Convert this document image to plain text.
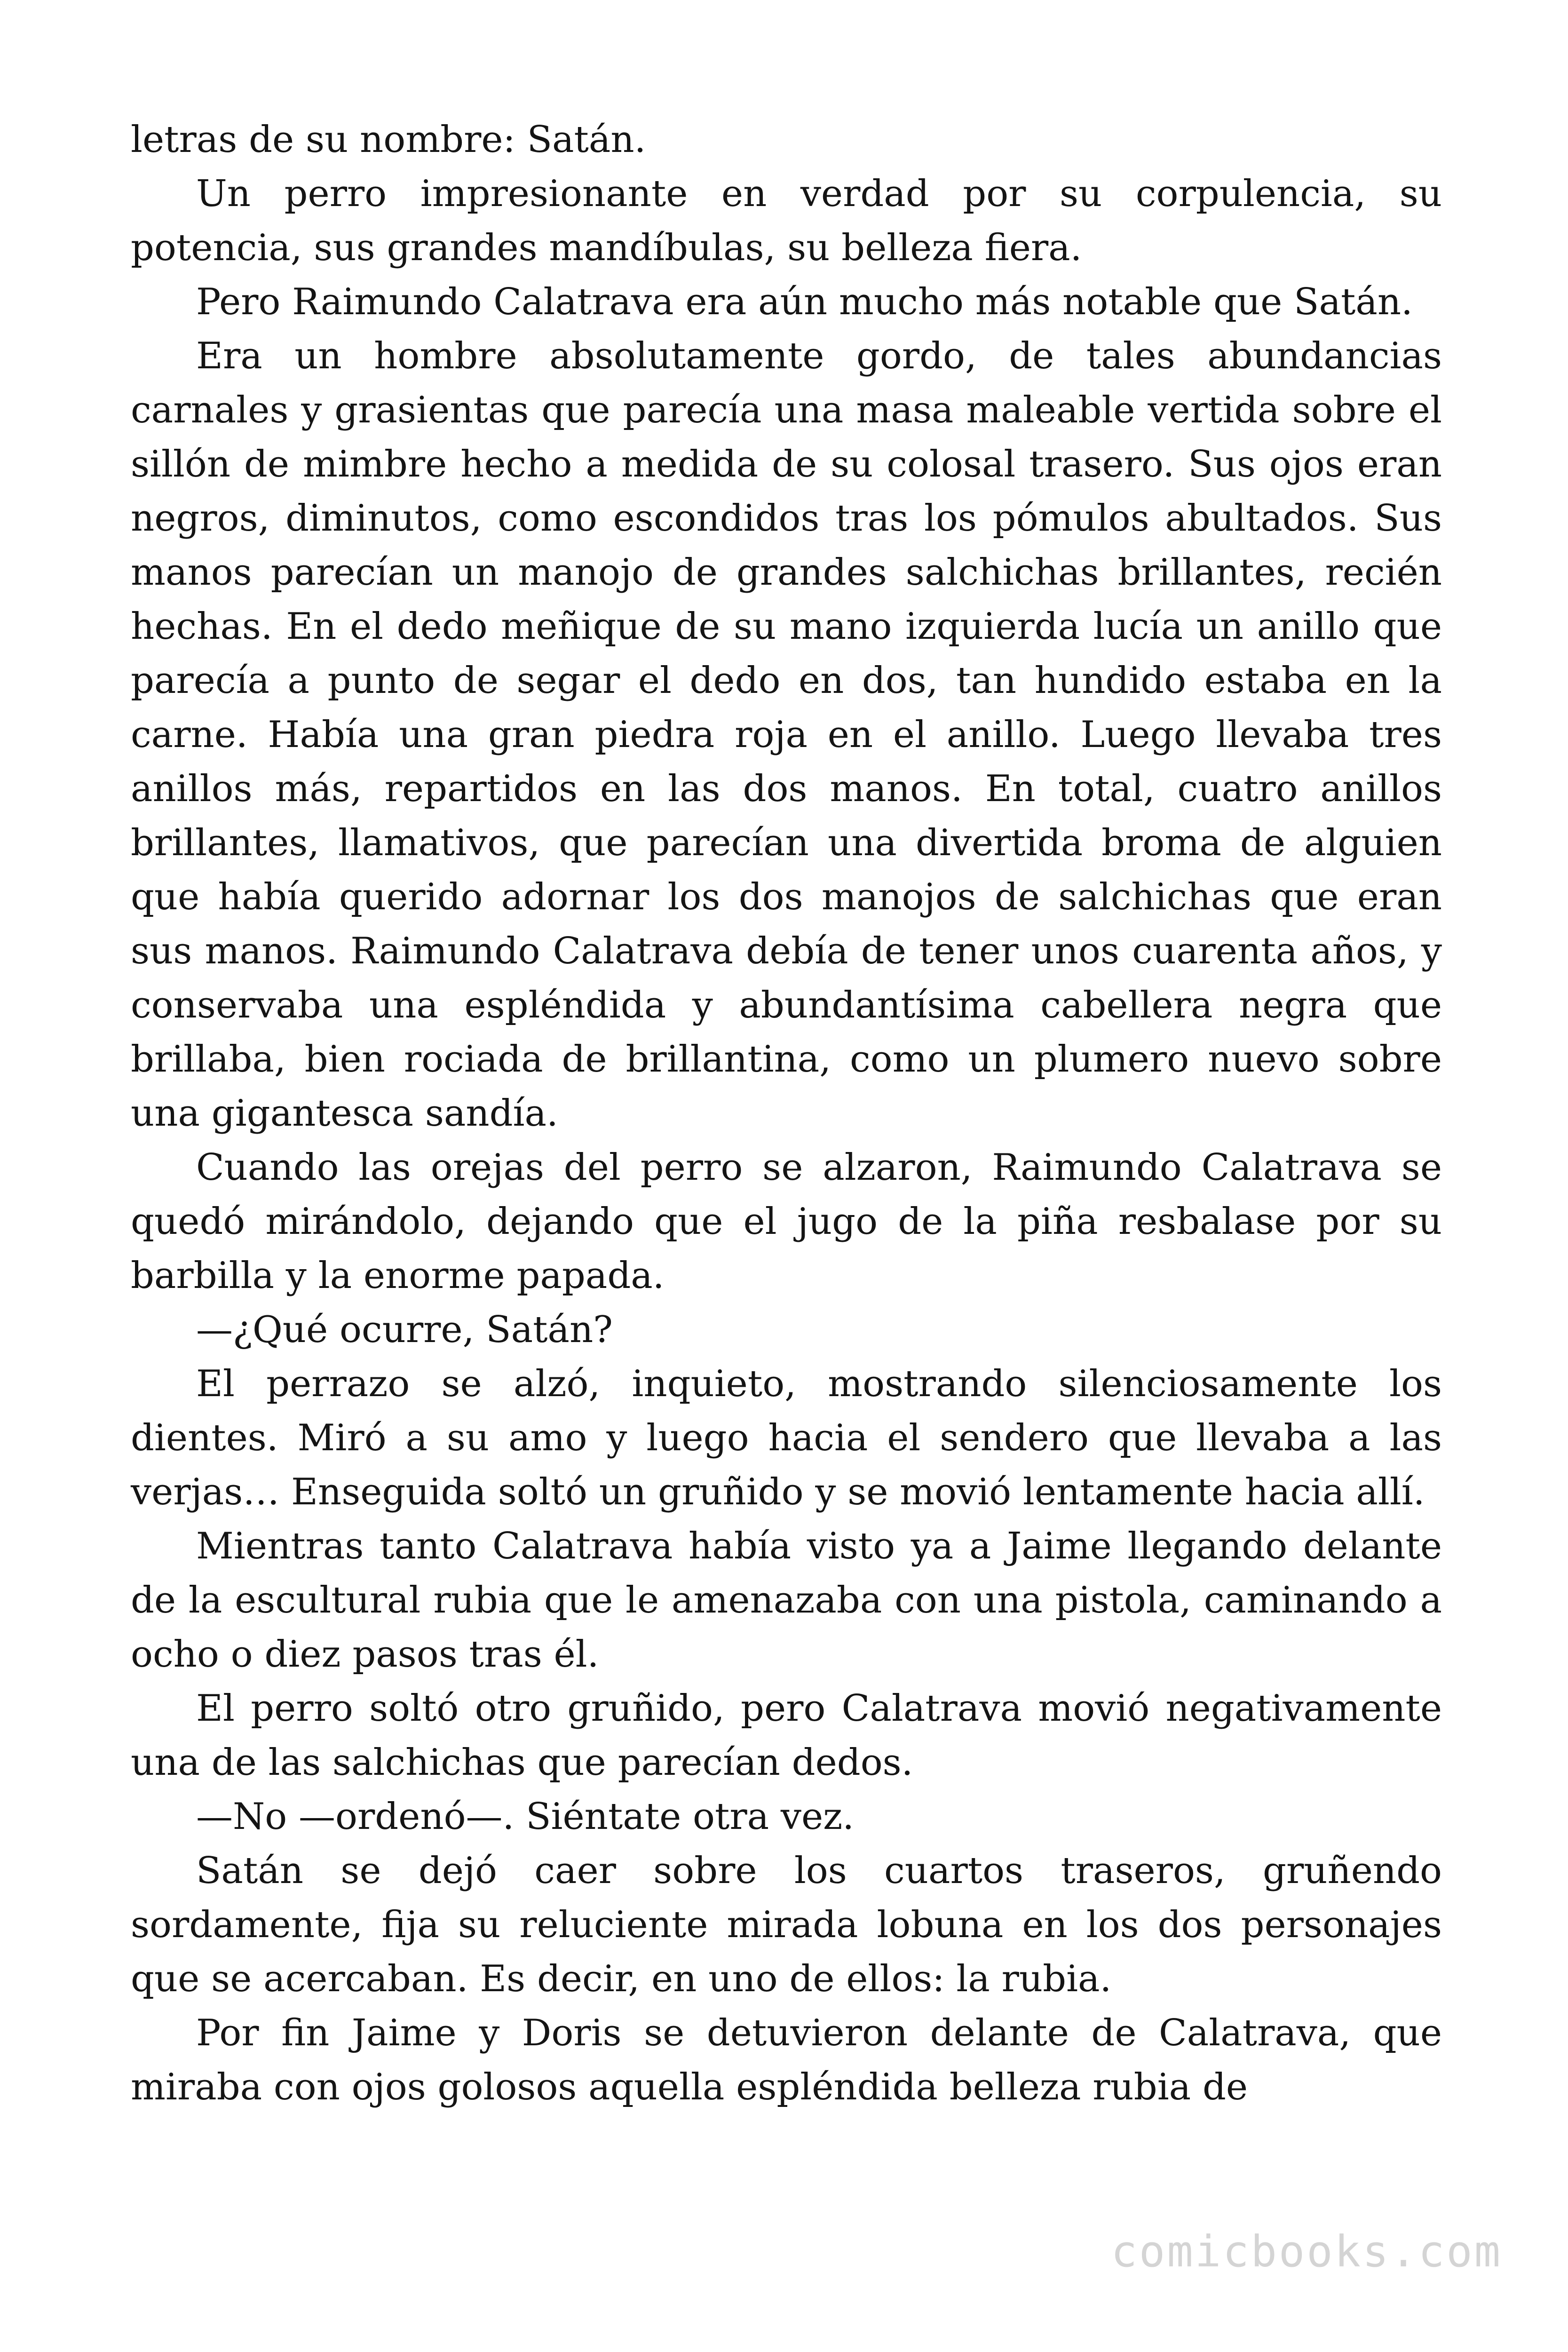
letras de su nombre: Satán.

Un perro impresionante en verdad por su corpulencia, su potencia, sus grandes mandíbulas, su belleza fiera.

Pero Raimundo Calatrava era aún mucho más notable que Satán.

Era un hombre absolutamente gordo, de tales abundancias carnales y grasientas que parecía una masa maleable vertida sobre el sillón de mimbre hecho a medida de su colosal trasero. Sus ojos eran negros, diminutos, como escondidos tras los pómulos abultados. Sus manos parecían un manojo de grandes salchichas brillantes, recién hechas. En el dedo meñique de su mano izquierda lucía un anillo que parecía a punto de segar el dedo en dos, tan hundido estaba en la carne. Había una gran piedra roja en el anillo. Luego llevaba tres anillos más, repartidos en las dos manos. En total, cuatro anillos brillantes, llamativos, que parecían una divertida broma de alguien que había querido adornar los dos manojos de salchichas que eran sus manos. Raimundo Calatrava debía de tener unos cuarenta años, y conservaba una espléndida y abundantísima cabellera negra que brillaba, bien rociada de brillantina, como un plumero nuevo sobre una gigantesca sandía.

Cuando las orejas del perro se alzaron, Raimundo Calatrava se quedó mirándolo, dejando que el jugo de la piña resbalase por su barbilla y la enorme papada.

—¿Qué ocurre, Satán?

El perrazo se alzó, inquieto, mostrando silenciosamente los dientes. Miró a su amo y luego hacia el sendero que llevaba a las verjas… Enseguida soltó un gruñido y se movió lentamente hacia allí.

Mientras tanto Calatrava había visto ya a Jaime llegando delante de la escultural rubia que le amenazaba con una pistola, caminando a ocho o diez pasos tras él.

El perro soltó otro gruñido, pero Calatrava movió negativamente una de las salchichas que parecían dedos.

—No —ordenó—. Siéntate otra vez.

Satán se dejó caer sobre los cuartos traseros, gruñendo sordamente, fija su reluciente mirada lobuna en los dos personajes que se acercaban. Es decir, en uno de ellos: la rubia.

Por fin Jaime y Doris se detuvieron delante de Calatrava, que miraba con ojos golosos aquella espléndida belleza rubia de

comicbooks.com
